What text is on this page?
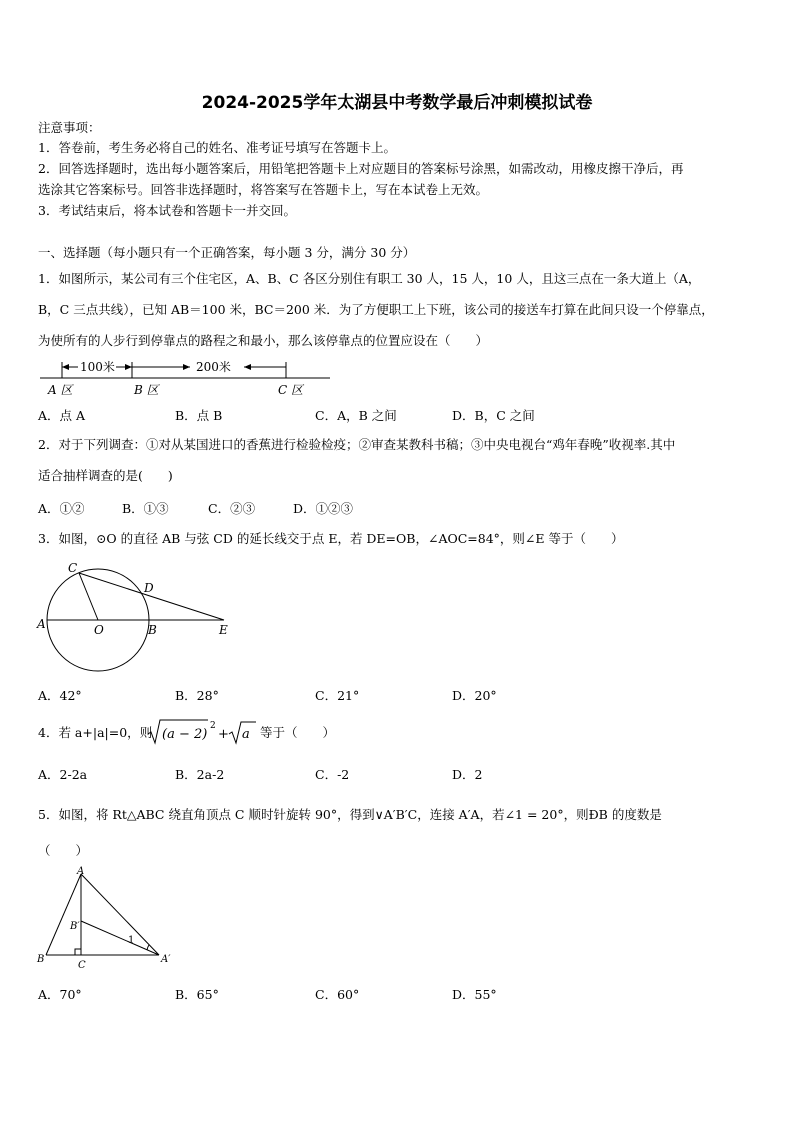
2024-2025学年太湖县中考数学最后冲刺模拟试卷
注意事项：
1．答卷前，考生务必将自己的姓名、准考证号填写在答题卡上。
2．回答选择题时，选出每小题答案后，用铅笔把答题卡上对应题目的答案标号涂黑，如需改动，用橡皮擦干净后，再
选涂其它答案标号。回答非选择题时，将答案写在答题卡上，写在本试卷上无效。
3．考试结束后，将本试卷和答题卡一并交回。
一、选择题（每小题只有一个正确答案，每小题 3 分，满分 30 分）
1．如图所示，某公司有三个住宅区，A、B、C 各区分别住有职工 30 人，15 人，10 人，且这三点在一条大道上（A，
B，C 三点共线），已知 AB＝100 米，BC＝200 米．为了方便职工上下班，该公司的接送车打算在此间只设一个停靠点，
为使所有的人步行到停靠点的路程之和最小，那么该停靠点的位置应设在（　　）
100米	200米
A 区	B 区	C 区
A．点 A	B．点 B	C．A，B 之间	D．B，C 之间
2．对于下列调查：①对从某国进口的香蕉进行检验检疫；②审查某教科书稿；③中央电视台“鸡年春晚”收视率.其中
适合抽样调查的是(　　)
A．①②	B．①③	C．②③	D．①②③
3．如图，⊙O 的直径 AB 与弦 CD 的延长线交于点 E，若 DE=OB，∠AOC=84°，则∠E 等于（　　）
A	O	B
C
D
E
A．42°	B．28°	C．21°	D．20°
4．若 a+|a|=0，则 (a − 2)
2
+ a 等于（　　）
A．2-2a	B．2a-2	C．-2	D．2
5．如图，将 Rt△ABC 绕直角顶点 C 顺时针旋转 90°，得到∨A′B′C，连接 A′A，若∠1 = 20°，则ÐB 的度数是
（　　）
A
B′
1
B
C
A′
A．70°	B．65°	C．60°	D．55°
